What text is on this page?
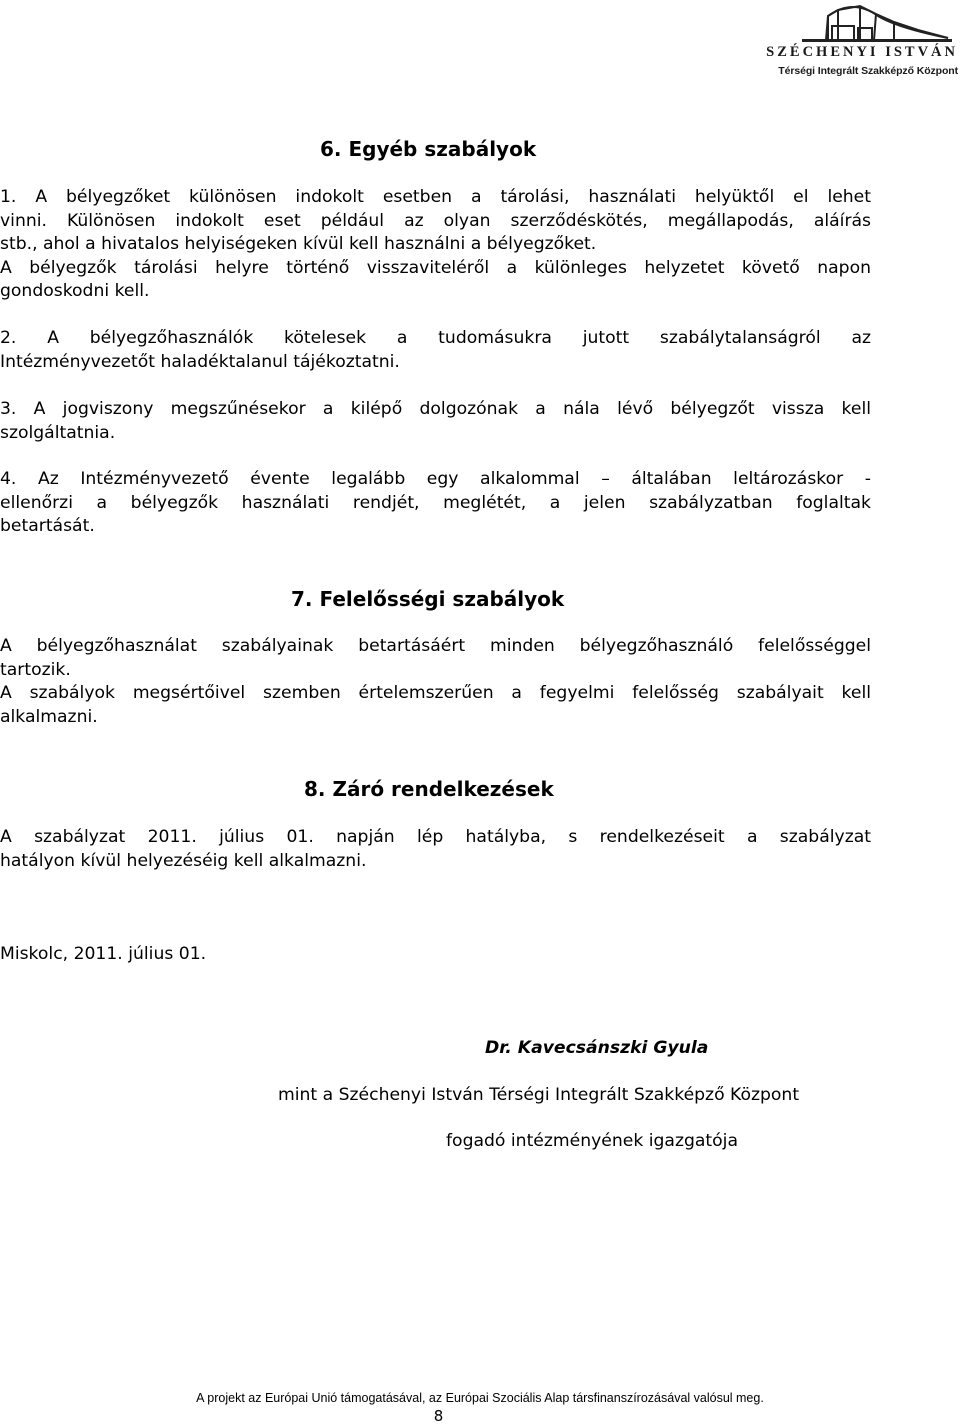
SZÉCHENYI ISTVÁN
Térségi Integrált Szakképző Központ
6. Egyéb szabályok
1. A bélyegzőket különösen indokolt esetben a tárolási, használati helyüktől el lehet
vinni. Különösen indokolt eset például az olyan szerződéskötés, megállapodás, aláírás
stb., ahol a hivatalos helyiségeken kívül kell használni a bélyegzőket.
A bélyegzők tárolási helyre történő visszaviteléről a különleges helyzetet követő napon
gondoskodni kell.
2. A bélyegzőhasználók kötelesek a tudomásukra jutott szabálytalanságról az
Intézményvezetőt haladéktalanul tájékoztatni.
3. A jogviszony megszűnésekor a kilépő dolgozónak a nála lévő bélyegzőt vissza kell
szolgáltatnia.
4. Az Intézményvezető évente legalább egy alkalommal – általában leltározáskor -
ellenőrzi a bélyegzők használati rendjét, meglétét, a jelen szabályzatban foglaltak
betartását.
7. Felelősségi szabályok
A bélyegzőhasználat szabályainak betartásáért minden bélyegzőhasználó felelősséggel
tartozik.
A szabályok megsértőivel szemben értelemszerűen a fegyelmi felelősség szabályait kell
alkalmazni.
8. Záró rendelkezések
A szabályzat 2011. július 01. napján lép hatályba, s rendelkezéseit a szabályzat
hatályon kívül helyezéséig kell alkalmazni.
Miskolc, 2011. július 01.
Dr. Kavecsánszki Gyula
mint a Széchenyi István Térségi Integrált Szakképző Központ
fogadó intézményének igazgatója
A projekt az Európai Unió támogatásával, az Európai Szociális Alap társfinanszírozásával valósul meg.
8
